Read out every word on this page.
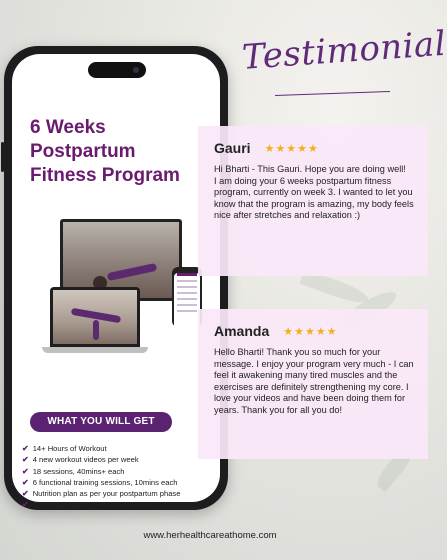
6 Weeks
Postpartum
Fitness Program
WHAT YOU WILL GET
✔ 14+ Hours of Workout
✔ 4 new workout videos per week
✔ 18 sessions, 40mins+ each
✔ 6 functional training sessions, 10mins each
✔ Nutrition plan as per your postpartum phase
✔ 1 Year Access!!!
Testimonial
Gauri ★★★★★
Hi Bharti - This Gauri. Hope you are doing well!
I am doing your 6 weeks postpartum fitness program, currently on week 3. I wanted to let you know that the program is amazing, my body feels nice after stretches and relaxation :)
Amanda ★★★★★
Hello Bharti! Thank you so much for your message. I enjoy your program very much - I can feel it awakening many tired muscles and the exercises are definitely strengthening my core. I love your videos and have been doing them for years. Thank you for all you do!
www.herhealthcareathome.com
